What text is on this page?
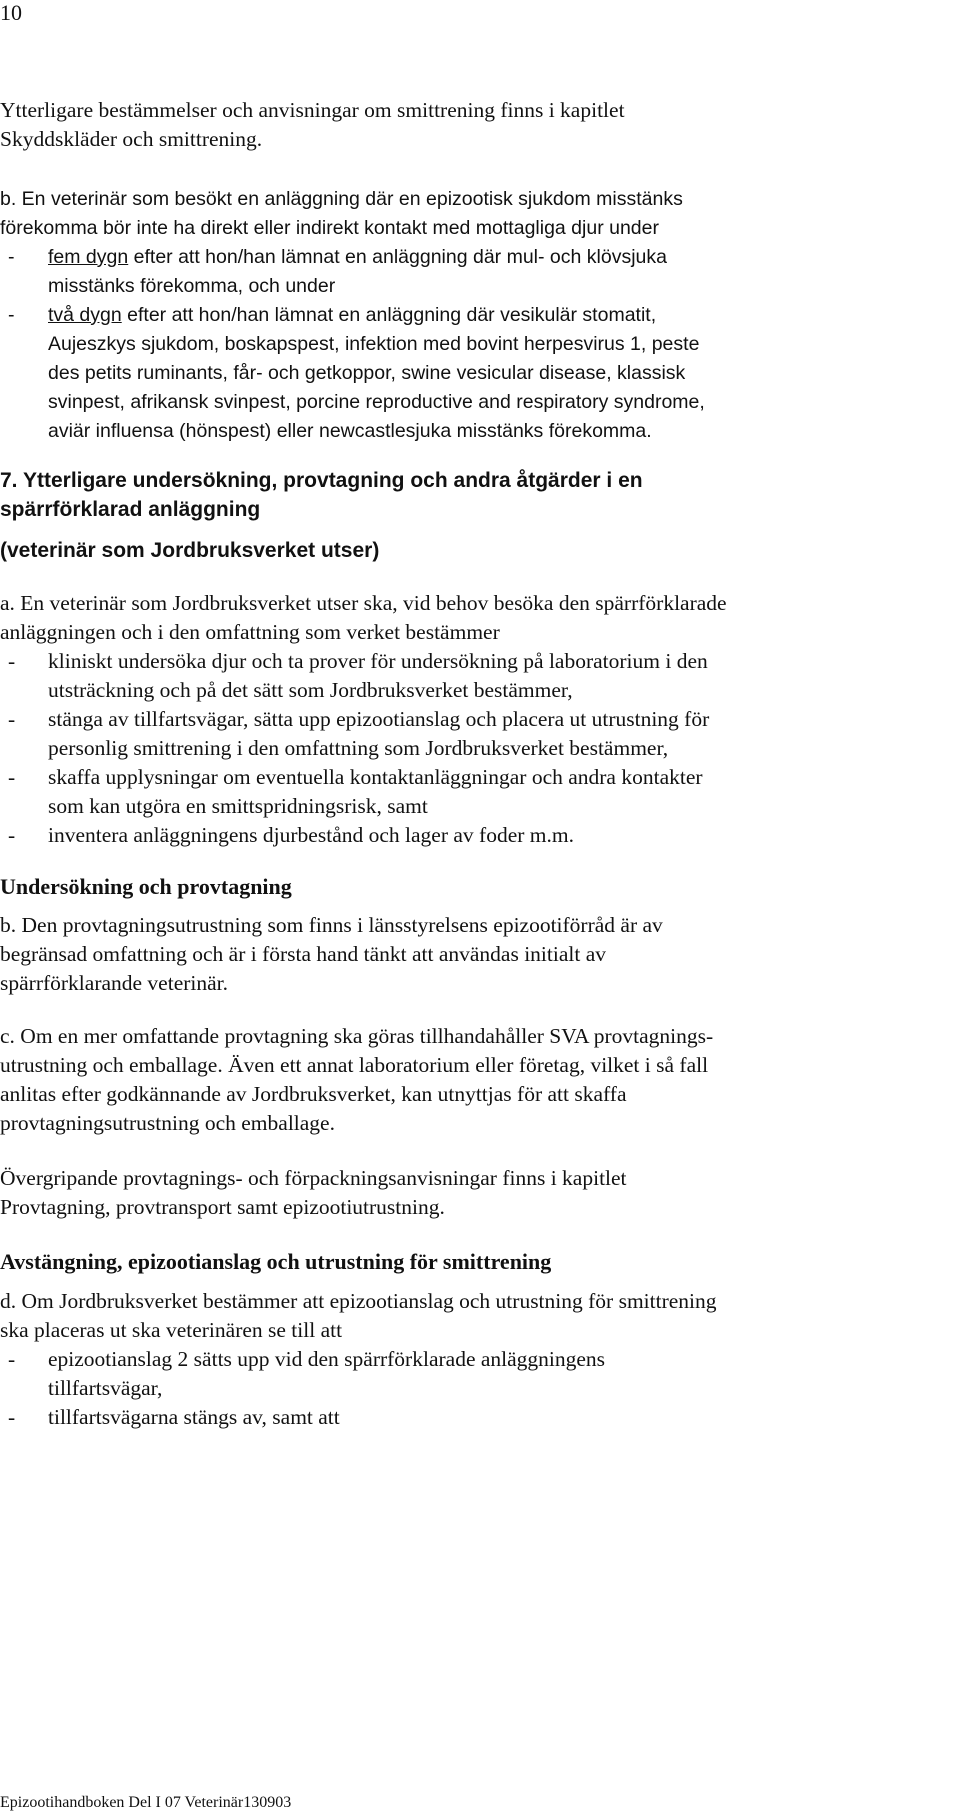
10
Ytterligare bestämmelser och anvisningar om smittrening finns i kapitlet
Skyddskläder och smittrening.
b. En veterinär som besökt en anläggning där en epizootisk sjukdom misstänks
förekomma bör inte ha direkt eller indirekt kontakt med mottagliga djur under
- fem dygn efter att hon/han lämnat en anläggning där mul- och klövsjuka
misstänks förekomma, och under
- två dygn efter att hon/han lämnat en anläggning där vesikulär stomatit,
Aujeszkys sjukdom, boskapspest, infektion med bovint herpesvirus 1, peste
des petits ruminants, får- och getkoppor, swine vesicular disease, klassisk
svinpest, afrikansk svinpest, porcine reproductive and respiratory syndrome,
aviär influensa (hönspest) eller newcastlesjuka misstänks förekomma.
7. Ytterligare undersökning, provtagning och andra åtgärder i en
spärrförklarad anläggning
(veterinär som Jordbruksverket utser)
a. En veterinär som Jordbruksverket utser ska, vid behov besöka den spärrförklarade
anläggningen och i den omfattning som verket bestämmer
- kliniskt undersöka djur och ta prover för undersökning på laboratorium i den
utsträckning och på det sätt som Jordbruksverket bestämmer,
- stänga av tillfartsvägar, sätta upp epizootianslag och placera ut utrustning för
personlig smittrening i den omfattning som Jordbruksverket bestämmer,
- skaffa upplysningar om eventuella kontaktanläggningar och andra kontakter
som kan utgöra en smittspridningsrisk, samt
- inventera anläggningens djurbestånd och lager av foder m.m.
Undersökning och provtagning
b. Den provtagningsutrustning som finns i länsstyrelsens epizootiförråd är av
begränsad omfattning och är i första hand tänkt att användas initialt av
spärrförklarande veterinär.
c. Om en mer omfattande provtagning ska göras tillhandahåller SVA provtagnings-
utrustning och emballage. Även ett annat laboratorium eller företag, vilket i så fall
anlitas efter godkännande av Jordbruksverket, kan utnyttjas för att skaffa
provtagningsutrustning och emballage.
Övergripande provtagnings- och förpackningsanvisningar finns i kapitlet
Provtagning, provtransport samt epizootiutrustning.
Avstängning, epizootianslag och utrustning för smittrening
d. Om Jordbruksverket bestämmer att epizootianslag och utrustning för smittrening
ska placeras ut ska veterinären se till att
- epizootianslag 2 sätts upp vid den spärrförklarade anläggningens
tillfartsvägar,
- tillfartsvägarna stängs av, samt att
Epizootihandboken Del I 07 Veterinär130903
